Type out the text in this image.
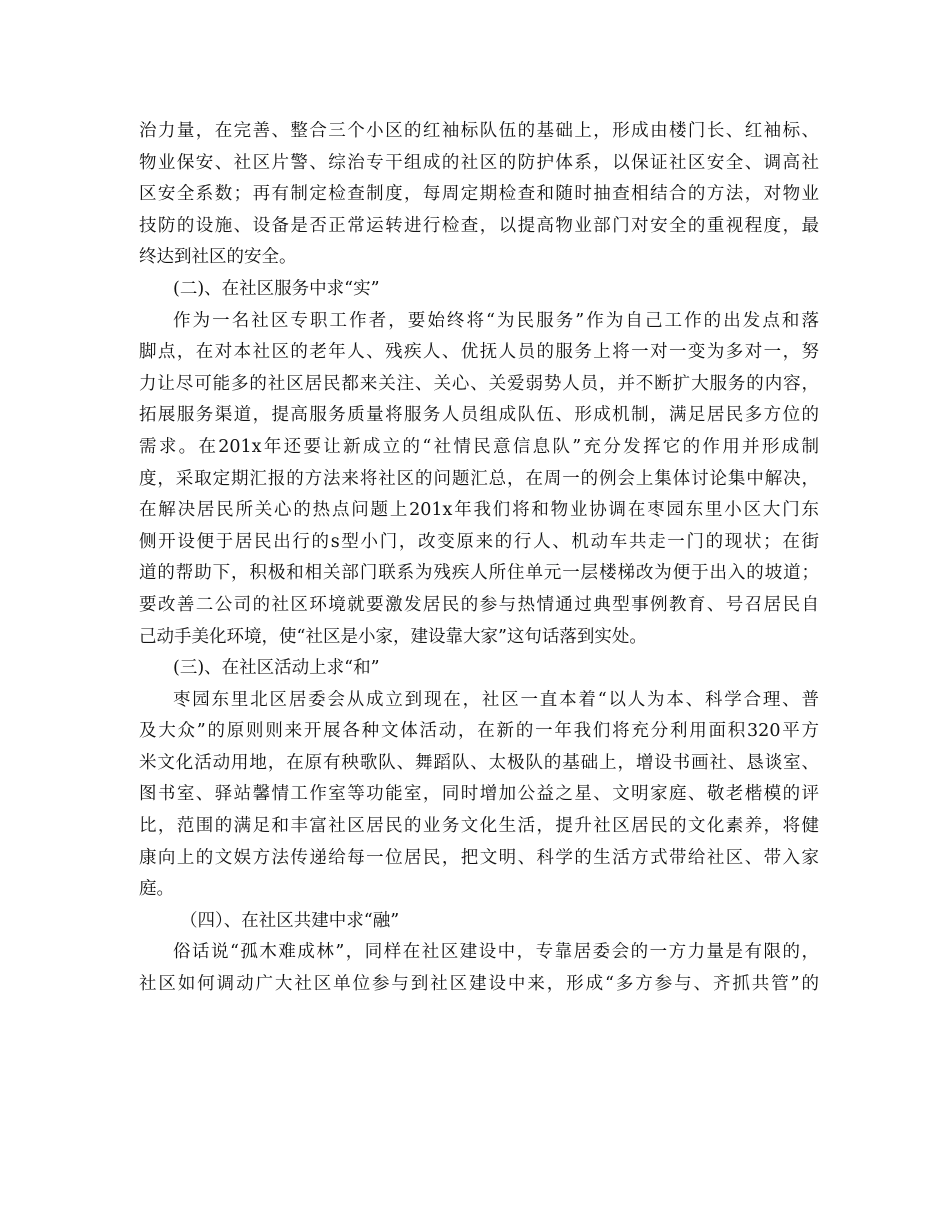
治力量，在完善、整合三个小区的红袖标队伍的基础上，形成由楼门长、红袖标、
物业保安、社区片警、综治专干组成的社区的防护体系，以保证社区安全、调高社
区安全系数；再有制定检查制度，每周定期检查和随时抽查相结合的方法，对物业
技防的设施、设备是否正常运转进行检查，以提高物业部门对安全的重视程度，最
终达到社区的安全。
(二)、在社区服务中求“实”
作为一名社区专职工作者，要始终将“为民服务”作为自己工作的出发点和落
脚点，在对本社区的老年人、残疾人、优抚人员的服务上将一对一变为多对一，努
力让尽可能多的社区居民都来关注、关心、关爱弱势人员，并不断扩大服务的内容，
拓展服务渠道，提高服务质量将服务人员组成队伍、形成机制，满足居民多方位的
需求。在201x年还要让新成立的“社情民意信息队”充分发挥它的作用并形成制
度，采取定期汇报的方法来将社区的问题汇总，在周一的例会上集体讨论集中解决，
在解决居民所关心的热点问题上201x年我们将和物业协调在枣园东里小区大门东
侧开设便于居民出行的s型小门，改变原来的行人、机动车共走一门的现状；在街
道的帮助下，积极和相关部门联系为残疾人所住单元一层楼梯改为便于出入的坡道；
要改善二公司的社区环境就要激发居民的参与热情通过典型事例教育、号召居民自
己动手美化环境，使“社区是小家，建设靠大家”这句话落到实处。
(三)、在社区活动上求“和”
枣园东里北区居委会从成立到现在，社区一直本着“以人为本、科学合理、普
及大众”的原则则来开展各种文体活动，在新的一年我们将充分利用面积320平方
米文化活动用地，在原有秧歌队、舞蹈队、太极队的基础上，增设书画社、恳谈室、
图书室、驿站馨情工作室等功能室，同时增加公益之星、文明家庭、敬老楷模的评
比，范围的满足和丰富社区居民的业务文化生活，提升社区居民的文化素养，将健
康向上的文娱方法传递给每一位居民，把文明、科学的生活方式带给社区、带入家
庭。
（四）、在社区共建中求“融”
俗话说“孤木难成林”，同样在社区建设中，专靠居委会的一方力量是有限的，
社区如何调动广大社区单位参与到社区建设中来，形成“多方参与、齐抓共管”的
